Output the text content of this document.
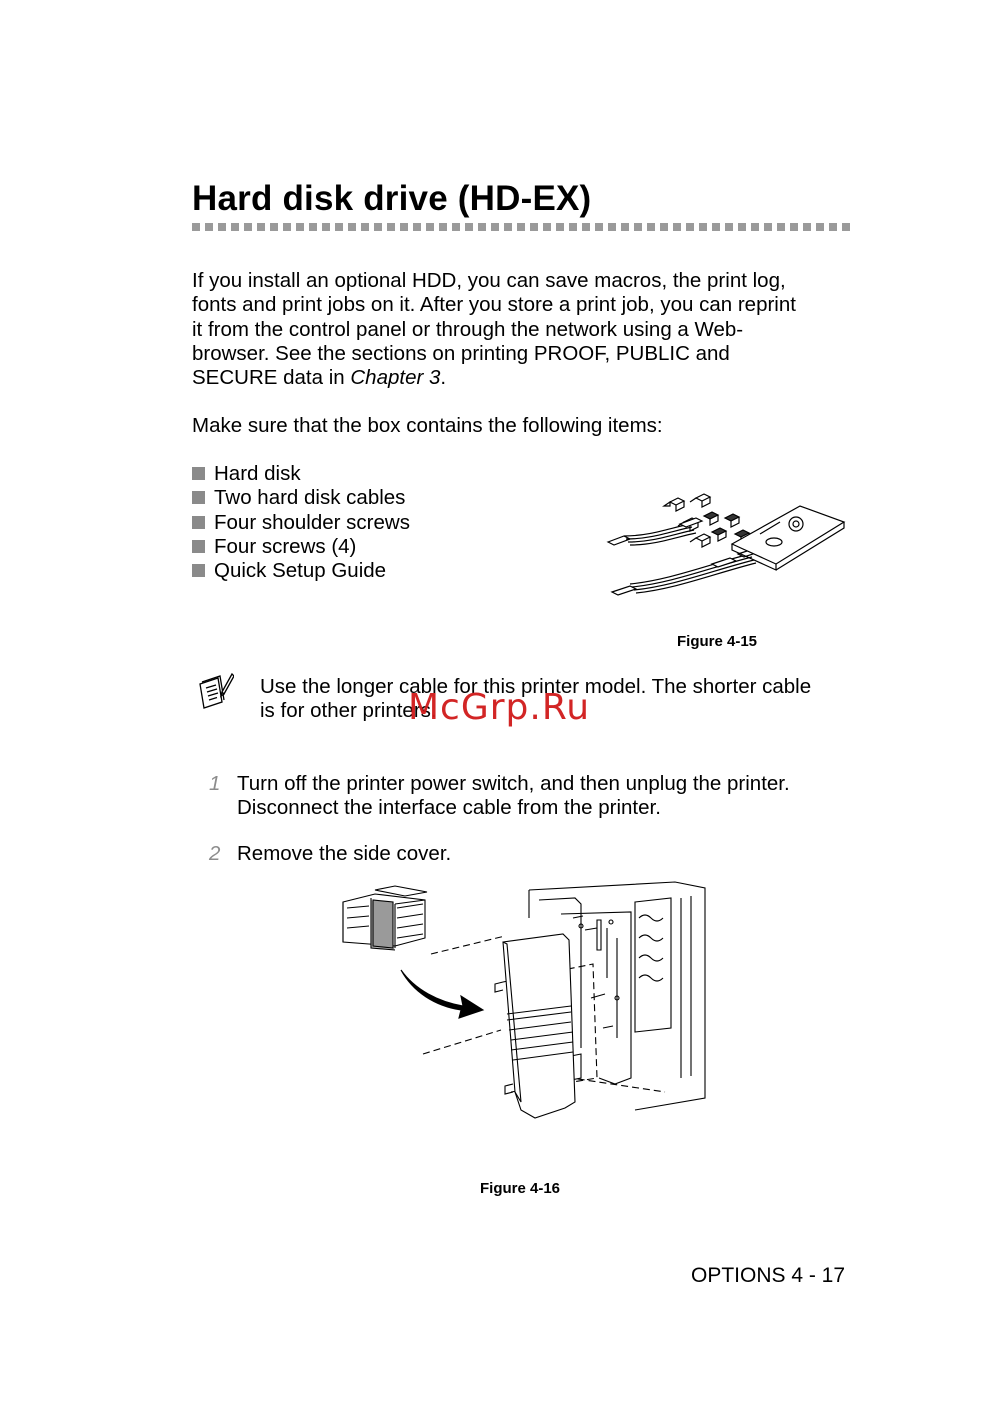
Hard disk drive (HD-EX)
If you install an optional HDD, you can save macros, the print log,
fonts and print jobs on it. After you store a print job, you can reprint
it from the control panel or through the network using a Web-
browser. See the sections on printing PROOF, PUBLIC and
SECURE data in Chapter 3.

Make sure that the box contains the following items:

Hard disk
Two hard disk cables
Four shoulder screws
Four screws (4)
Quick Setup Guide
Figure 4-15
Use the longer cable for this printer model. The shorter cable
is for other printers.
McGrp.Ru
1 Turn off the printer power switch, and then unplug the printer.
Disconnect the interface cable from the printer.
2 Remove the side cover.
Figure 4-16
OPTIONS 4 - 17
